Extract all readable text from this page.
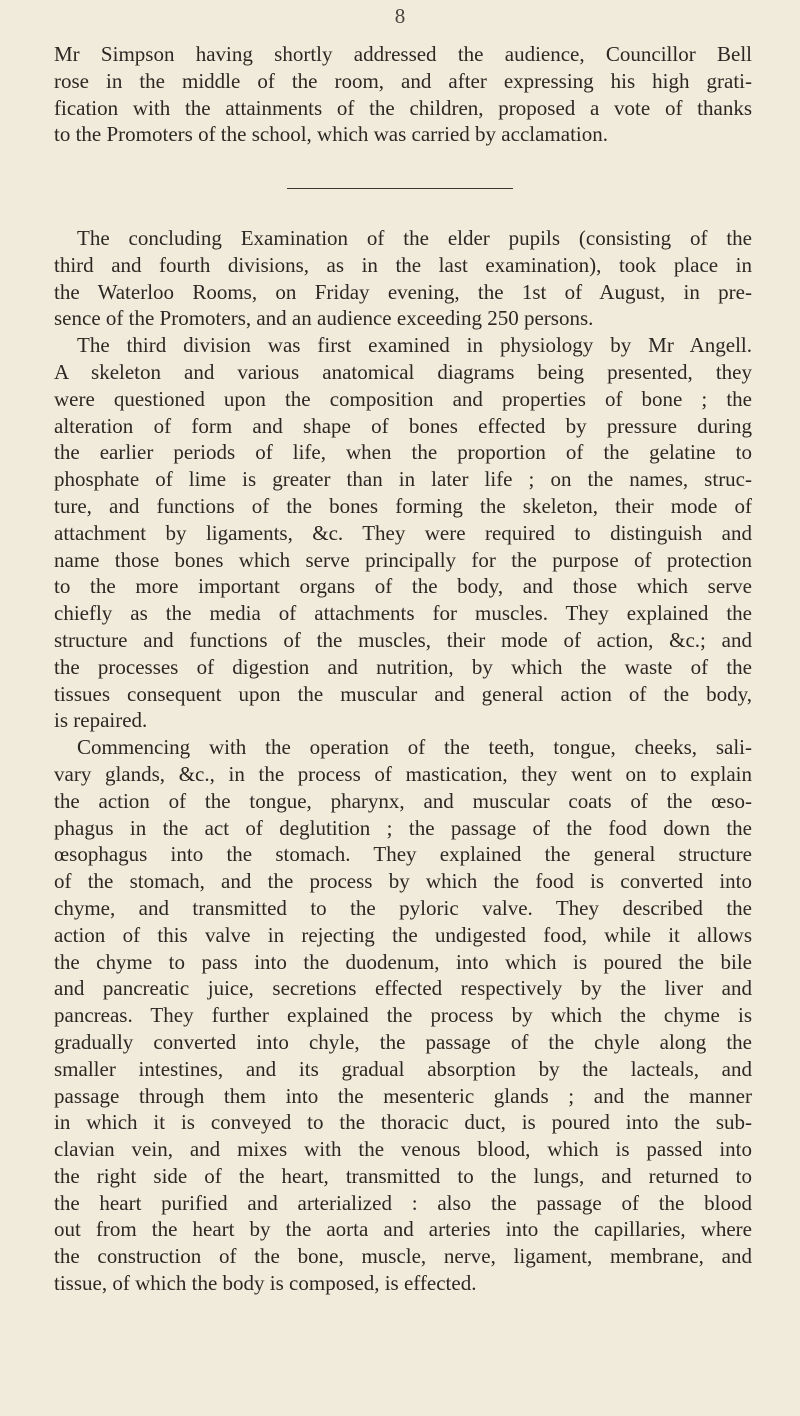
8
Mr Simpson having shortly addressed the audience, Councillor Bell
rose in the middle of the room, and after expressing his high grati-
fication with the attainments of the children, proposed a vote of thanks
to the Promoters of the school, which was carried by acclamation.
The concluding Examination of the elder pupils (consisting of the
third and fourth divisions, as in the last examination), took place in
the Waterloo Rooms, on Friday evening, the 1st of August, in pre-
sence of the Promoters, and an audience exceeding 250 persons.
The third division was first examined in physiology by Mr Angell.
A skeleton and various anatomical diagrams being presented, they
were questioned upon the composition and properties of bone ; the
alteration of form and shape of bones effected by pressure during
the earlier periods of life, when the proportion of the gelatine to
phosphate of lime is greater than in later life ; on the names, struc-
ture, and functions of the bones forming the skeleton, their mode of
attachment by ligaments, &c. They were required to distinguish and
name those bones which serve principally for the purpose of protection
to the more important organs of the body, and those which serve
chiefly as the media of attachments for muscles. They explained the
structure and functions of the muscles, their mode of action, &c.; and
the processes of digestion and nutrition, by which the waste of the
tissues consequent upon the muscular and general action of the body,
is repaired.
Commencing with the operation of the teeth, tongue, cheeks, sali-
vary glands, &c., in the process of mastication, they went on to explain
the action of the tongue, pharynx, and muscular coats of the œso-
phagus in the act of deglutition ; the passage of the food down the
œsophagus into the stomach. They explained the general structure
of the stomach, and the process by which the food is converted into
chyme, and transmitted to the pyloric valve. They described the
action of this valve in rejecting the undigested food, while it allows
the chyme to pass into the duodenum, into which is poured the bile
and pancreatic juice, secretions effected respectively by the liver and
pancreas. They further explained the process by which the chyme is
gradually converted into chyle, the passage of the chyle along the
smaller intestines, and its gradual absorption by the lacteals, and
passage through them into the mesenteric glands ; and the manner
in which it is conveyed to the thoracic duct, is poured into the sub-
clavian vein, and mixes with the venous blood, which is passed into
the right side of the heart, transmitted to the lungs, and returned to
the heart purified and arterialized : also the passage of the blood
out from the heart by the aorta and arteries into the capillaries, where
the construction of the bone, muscle, nerve, ligament, membrane, and
tissue, of which the body is composed, is effected.
